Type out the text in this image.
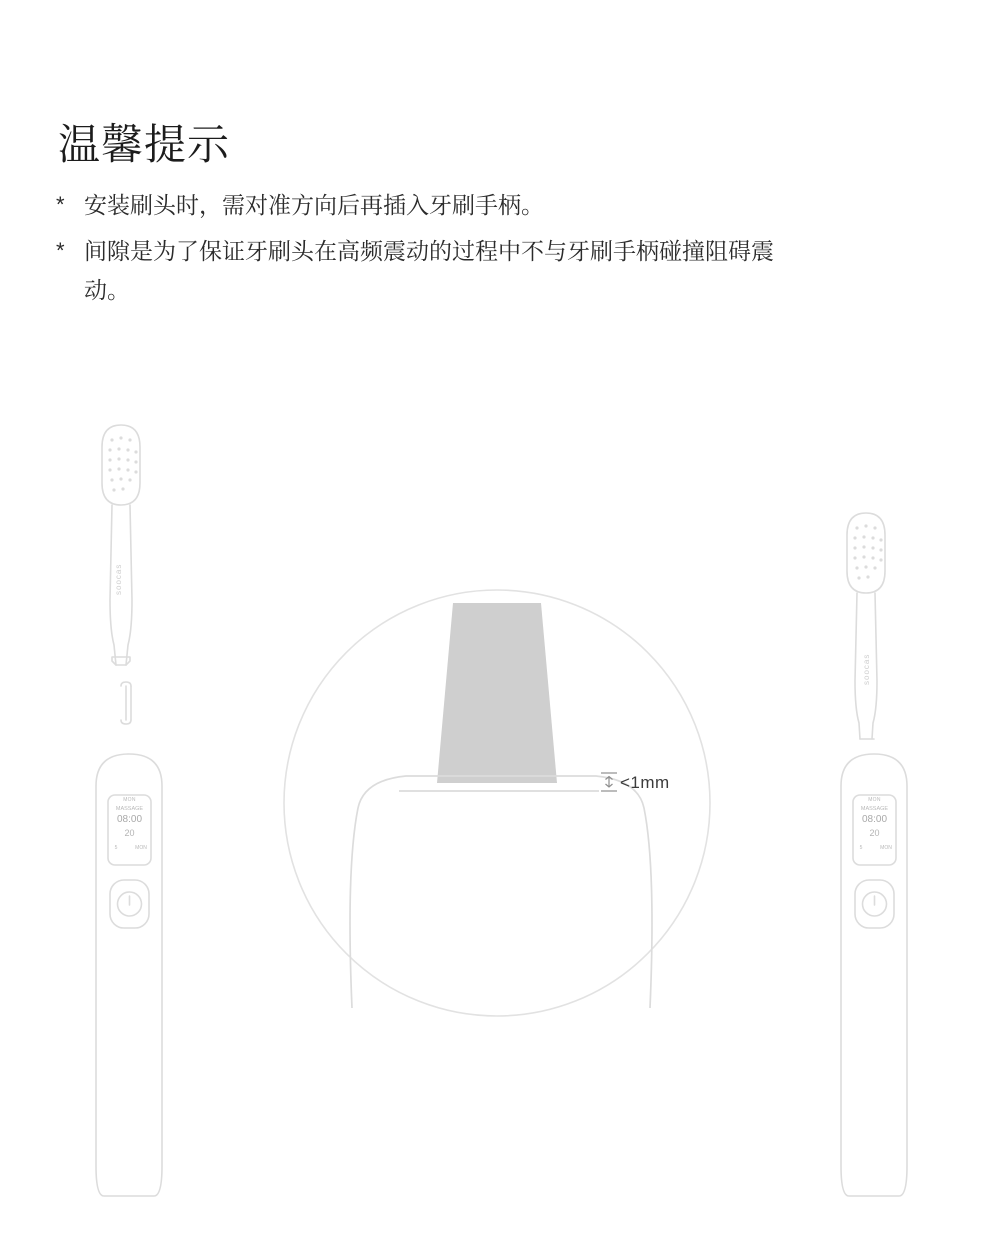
温馨提示
* 安装刷头时，需对准方向后再插入牙刷手柄。
* 间隙是为了保证牙刷头在高频震动的过程中不与牙刷手柄碰撞阻碍震动。
<1mm
soocas
soocas
MON
MASSAGE
08:00
20
5	MON
MON
MASSAGE
08:00
20
5	MON
